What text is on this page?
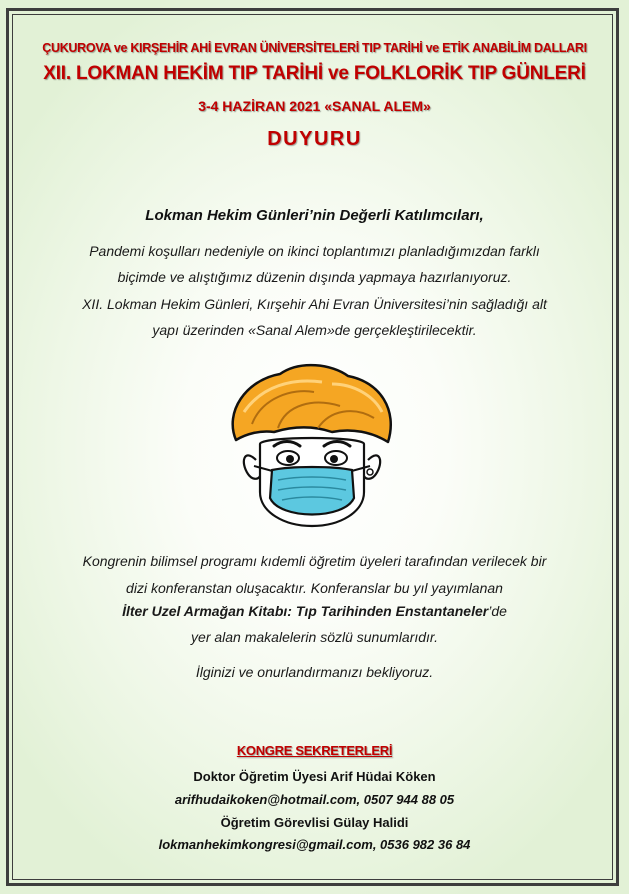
ÇUKUROVA ve KIRŞEHİR AHİ EVRAN ÜNİVERSİTELERİ TIP TARİHİ ve ETİK ANABİLİM DALLARI
XII. LOKMAN HEKİM TIP TARİHİ ve FOLKLORİK TIP GÜNLERİ
3-4 HAZİRAN 2021 «SANAL ALEM»
DUYURU
Lokman Hekim Günleri’nin Değerli Katılımcıları,
Pandemi koşulları nedeniyle on ikinci toplantımızı planladığımızdan farklı
biçimde ve alıştığımız düzenin dışında yapmaya hazırlanıyoruz.
XII. Lokman Hekim Günleri, Kırşehir Ahi Evran Üniversitesi’nin sağladığı alt
yapı üzerinden «Sanal Alem»de gerçekleştirilecektir.
Kongrenin bilimsel programı kıdemli öğretim üyeleri tarafından verilecek bir
dizi konferanstan oluşacaktır. Konferanslar bu yıl yayımlanan
İlter Uzel Armağan Kitabı: Tıp Tarihinden Enstantaneler’de
yer alan makalelerin sözlü sunumlarıdır.
İlginizi ve onurlandırmanızı bekliyoruz.
KONGRE SEKRETERLERİ
Doktor Öğretim Üyesi Arif Hüdai Köken
arifhudaikoken@hotmail.com, 0507 944 88 05
Öğretim Görevlisi Gülay Halidi
lokmanhekimkongresi@gmail.com, 0536 982 36 84
